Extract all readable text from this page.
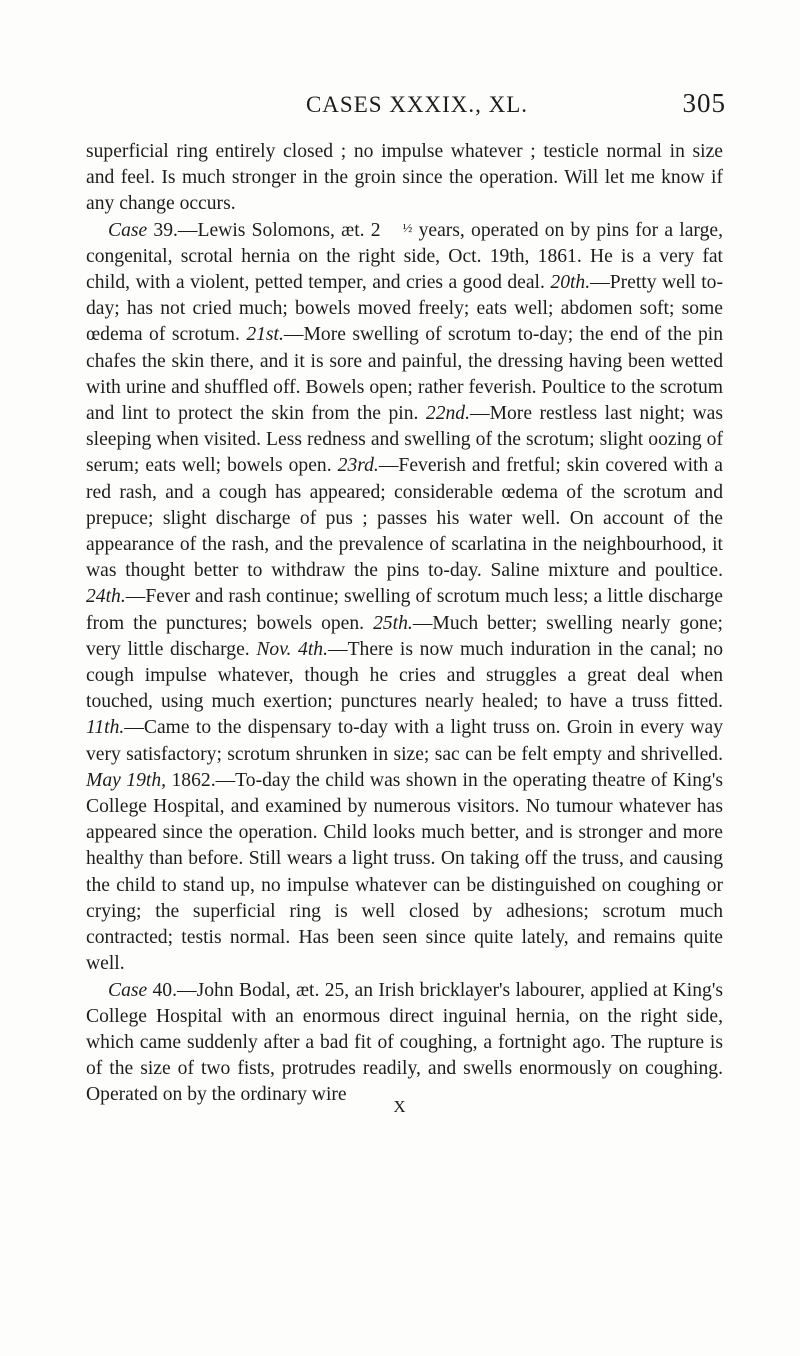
CASES XXXIX., XL.	305

superficial ring entirely closed ; no impulse whatever ; testicle normal in size and feel. Is much stronger in the groin since the operation. Will let me know if any change occurs.

Case 39.—Lewis Solomons, æt. 2 ½ years, operated on by pins for a large, congenital, scrotal hernia on the right side, Oct. 19th, 1861. He is a very fat child, with a violent, petted temper, and cries a good deal. 20th.—Pretty well to-day; has not cried much; bowels moved freely; eats well; abdomen soft; some œdema of scrotum. 21st.—More swelling of scrotum to-day; the end of the pin chafes the skin there, and it is sore and painful, the dressing having been wetted with urine and shuffled off. Bowels open; rather feverish. Poultice to the scrotum and lint to protect the skin from the pin. 22nd.—More restless last night; was sleeping when visited. Less redness and swelling of the scrotum; slight oozing of serum; eats well; bowels open. 23rd.—Feverish and fretful; skin covered with a red rash, and a cough has appeared; considerable œdema of the scrotum and prepuce; slight discharge of pus ; passes his water well. On account of the appearance of the rash, and the prevalence of scarlatina in the neighbourhood, it was thought better to withdraw the pins to-day. Saline mixture and poultice. 24th.—Fever and rash continue; swelling of scrotum much less; a little discharge from the punctures; bowels open. 25th.—Much better; swelling nearly gone; very little discharge. Nov. 4th.—There is now much induration in the canal; no cough impulse whatever, though he cries and struggles a great deal when touched, using much exertion; punctures nearly healed; to have a truss fitted. 11th.—Came to the dispensary to-day with a light truss on. Groin in every way very satisfactory; scrotum shrunken in size; sac can be felt empty and shrivelled. May 19th, 1862.—To-day the child was shown in the operating theatre of King's College Hospital, and examined by numerous visitors. No tumour whatever has appeared since the operation. Child looks much better, and is stronger and more healthy than before. Still wears a light truss. On taking off the truss, and causing the child to stand up, no impulse whatever can be distinguished on coughing or crying; the superficial ring is well closed by adhesions; scrotum much contracted; testis normal. Has been seen since quite lately, and remains quite well.

Case 40.—John Bodal, æt. 25, an Irish bricklayer's labourer, applied at King's College Hospital with an enormous direct inguinal hernia, on the right side, which came suddenly after a bad fit of coughing, a fortnight ago. The rupture is of the size of two fists, protrudes readily, and swells enormously on coughing. Operated on by the ordinary wire

X
